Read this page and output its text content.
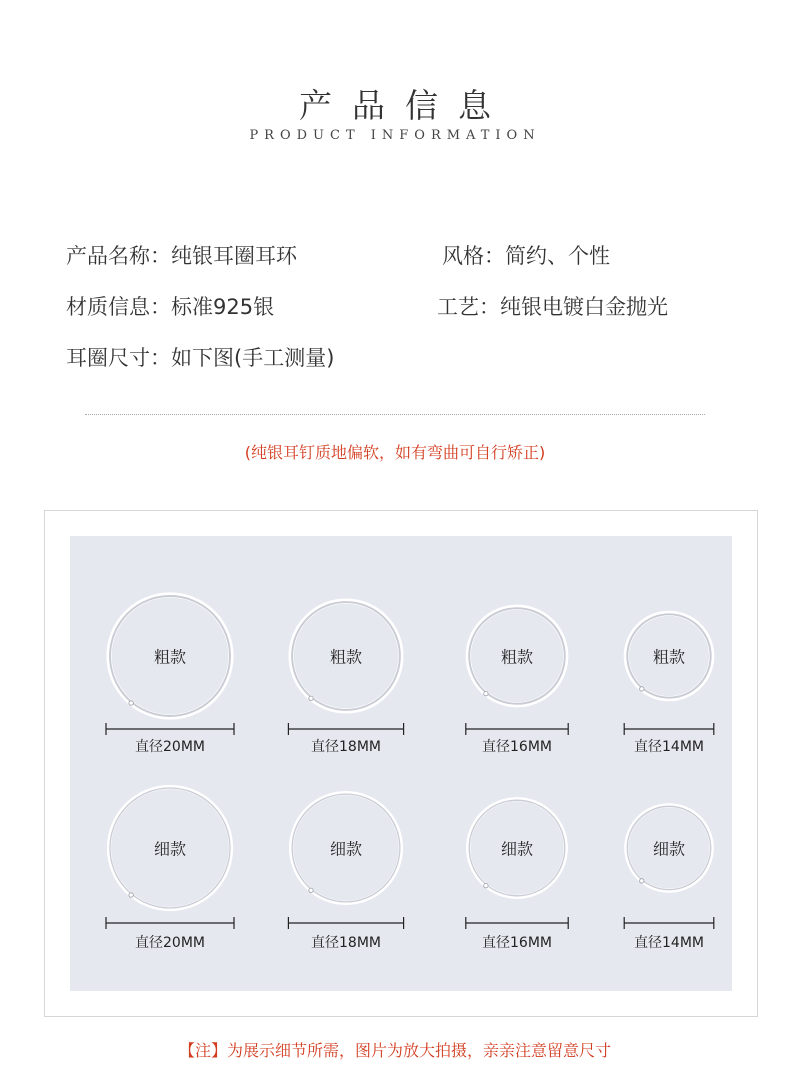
产品信息
PRODUCT INFORMATION
产品名称：纯银耳圈耳环	风格：简约、个性
材质信息：标准925银	工艺：纯银电镀白金抛光
耳圈尺寸：如下图(手工测量)
(纯银耳钉质地偏软，如有弯曲可自行矫正)
粗款
直径20MM
粗款
直径18MM
粗款
直径16MM
粗款
直径14MM
细款
直径20MM
细款
直径18MM
细款
直径16MM
细款
直径14MM
【注】为展示细节所需，图片为放大拍摄，亲亲注意留意尺寸
